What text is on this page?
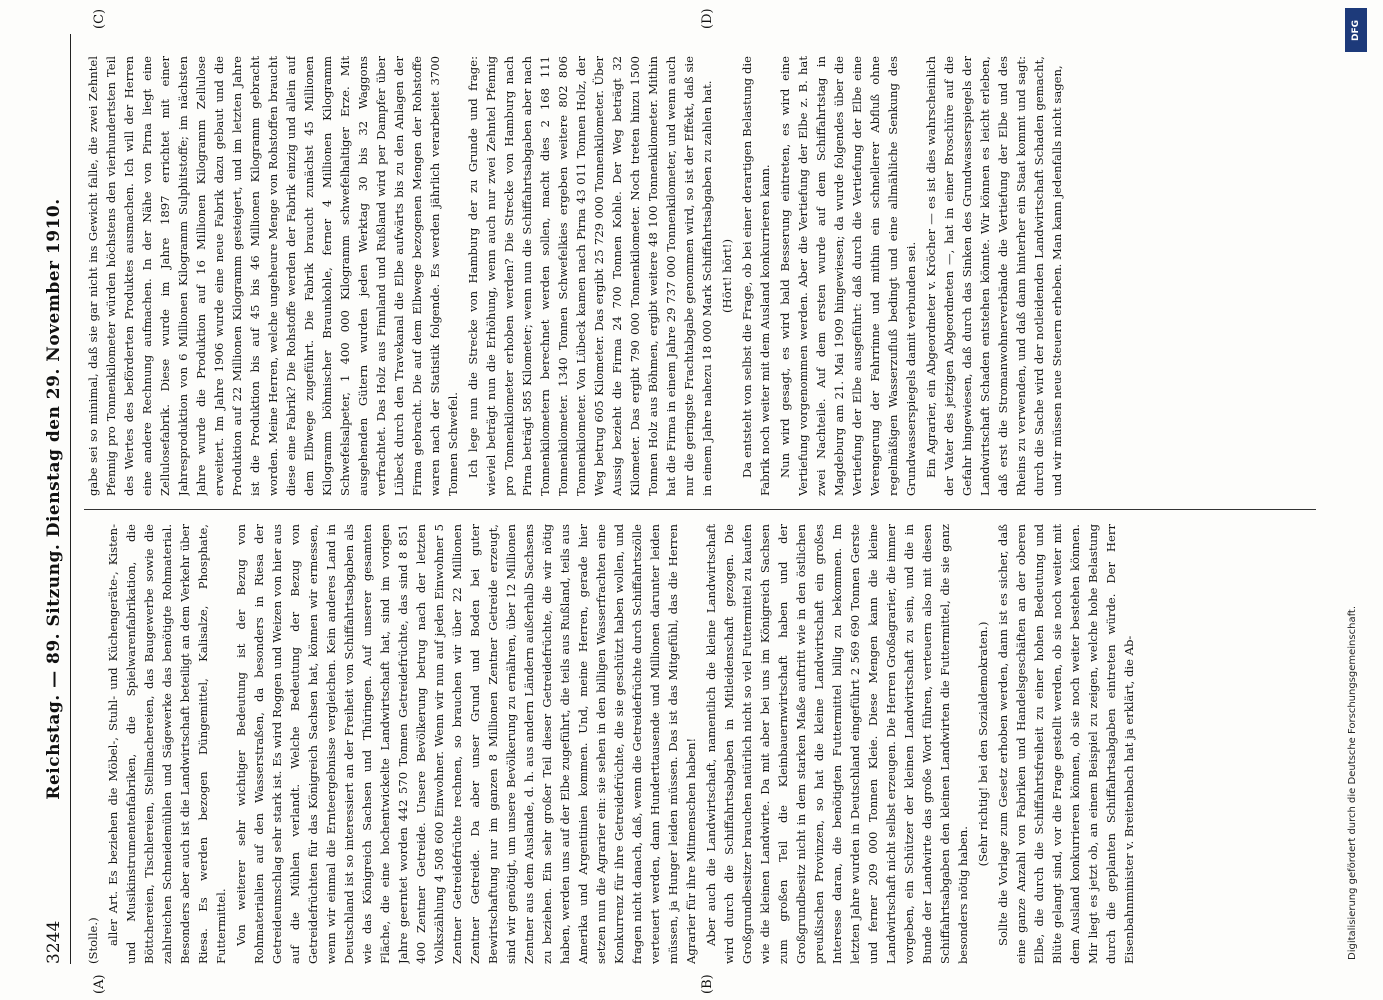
3244
Reichstag. — 89. Sitzung. Dienstag den 29. November 1910.
(A)	(B)
(C)	(D)

(Stolle.) aller Art. Es beziehen die Möbel-, Stuhl- und Küchengeräte-, Kisten- und Musikinstrumentenfabriken, die Spielwarenfabrikation, die Böttchereien, Tischlereien, Stellmachereien, das Baugewerbe sowie die zahlreichen Schneidemühlen und Sägewerke das benötigte Rohmaterial. Besonders aber auch ist die Landwirtschaft beteiligt an dem Verkehr über Riesa. Es werden bezogen Düngemittel, Kalisalze, Phosphate, Futtermittel. Von weiterer sehr wichtiger Bedeutung ist der Bezug von Rohmaterialien auf den Wasserstraßen, da besonders in Riesa der Getreideumschlag sehr stark ist. Es wird Roggen und Weizen von hier aus auf die Mühlen verlandt. Welche Bedeutung der Bezug von Getreidefrüchten für das Königreich Sachsen hat, können wir ermessen, wenn wir einmal die Ernteergebnisse vergleichen. Kein anderes Land in Deutschland ist so interessiert an der Freiheit von Schiffahrtsabgaben als wie das Königreich Sachsen und Thüringen. Auf unserer gesamten Fläche, die eine hochentwickelte Landwirtschaft hat, sind im vorigen Jahre geerntet worden 442 570 Tonnen Getreidefrüchte, das sind 8 851 400 Zentner Getreide. Unsere Bevölkerung betrug nach der letzten Volkszählung 4 508 600 Einwohner. Wenn wir nun auf jeden Einwohner 5 Zentner Getreidefrüchte rechnen, so brauchen wir über 22 Millionen Zentner Getreide. Da aber unser Grund und Boden bei guter Bewirtschaftung nur im ganzen 8 Millionen Zentner Getreide erzeugt, sind wir genötigt, um unsere Bevölkerung zu ernähren, über 12 Millionen Zentner aus dem Auslande, d. h. aus andern Ländern außerhalb Sachsens zu beziehen. Ein sehr großer Teil dieser Getreidefrüchte, die wir nötig haben, werden uns auf der Elbe zugeführt, die teils aus Rußland, teils aus Amerika und Argentinien kommen. Und, meine Herren, gerade hier setzen nun die Agrarier ein: sie sehen in den billigen Wasserfrachten eine Konkurrenz für ihre Getreidefrüchte, die sie geschützt haben wollen, und fragen nicht danach, daß, wenn die Getreidefrüchte durch Schiffahrtszölle verteuert werden, dann Hunderttausende und Millionen darunter leiden müssen, ja Hunger leiden müssen. Das ist das Mitgefühl, das die Herren Agrarier für ihre Mitmenschen haben! Aber auch die Landwirtschaft, namentlich die kleine Landwirtschaft wird durch die Schiffahrtsabgaben in Mitleidenschaft gezogen. Die Großgrundbesitzer brauchen natürlich nicht so viel Futtermittel zu kaufen wie die kleinen Landwirte. Da mit aber bei uns im Königreich Sachsen zum großen Teil die Kleinbauernwirtschaft haben und der Großgrundbesitz nicht in dem starken Maße auftritt wie in den östlichen preußischen Provinzen, so hat die kleine Landwirtschaft ein großes Interesse daran, die benötigten Futtermittel billig zu bekommen. Im letzten Jahre wurden in Deutschland eingeführt 2 569 690 Tonnen Gerste und ferner 209 000 Tonnen Kleie. Diese Mengen kann die kleine Landwirtschaft nicht selbst erzeugen. Die Herren Großagrarier, die immer vorgeben, ein Schützer der kleinen Landwirtschaft zu sein, und die in Bunde der Landwirte das große Wort führen, verteuern also mit diesen Schiffahrtsabgaben den kleinen Landwirten die Futtermittel, die sie ganz besonders nötig haben.

(Sehr richtig! bei den Sozialdemokraten.) Sollte die Vorlage zum Gesetz erhoben werden, dann ist es sicher, daß eine ganze Anzahl von Fabriken und Handelsgeschäften an der oberen Elbe, die durch die Schiffahrtsfreiheit zu einer hohen Bedeutung und Blüte gelangt sind, vor die Frage gestellt werden, ob sie noch weiter mit dem Ausland konkurrieren können, ob sie noch weiter bestehen können. Mir liegt es jetzt ob, an einem Beispiel zu zeigen, welche hohe Belastung durch die geplanten Schiffahrtsabgaben eintreten würde. Der Herr Eisenbahnminister v. Breitenbach hat ja erklärt, die Ab-

gabe sei so minimal, daß sie gar nicht ins Gewicht falle, die zwei Zehntel Pfennig pro Tonnenkilometer würden höchstens den vierhundertsten Teil des Wertes des beförderten Produktes ausmachen. Ich will der Herren eine andere Rechnung aufmachen. In der Nähe von Pirna liegt eine Zellulosefabrik. Diese wurde im Jahre 1897 errichtet mit einer Jahresproduktion von 6 Millionen Kilogramm Sulphitstoffe; im nächsten Jahre wurde die Produktion auf 16 Millionen Kilogramm Zellulose erweitert. Im Jahre 1906 wurde eine neue Fabrik dazu gebaut und die Produktion auf 22 Millionen Kilogramm gesteigert, und im letzten Jahre ist die Produktion bis auf 45 bis 46 Millionen Kilogramm gebracht worden. Meine Herren, welche ungeheure Menge von Rohstoffen braucht diese eine Fabrik? Die Rohstoffe werden der Fabrik einzig und allein auf dem Elbwege zugeführt. Die Fabrik braucht zunächst 45 Millionen Kilogramm böhmischer Braunkohle, ferner 4 Millionen Kilogramm Schwefelsalpeter, 1 400 000 Kilogramm schwefelhaltiger Erze. Mit ausgehenden Gütern wurden jeden Werktag 30 bis 32 Waggons verfrachtet. Das Holz aus Finnland und Rußland wird per Dampfer über Lübeck durch den Travekanal die Elbe aufwärts bis zu den Anlagen der Firma gebracht. Die auf dem Elbwege bezogenen Mengen der Rohstoffe waren nach der Statistik folgende. Es werden jährlich verarbeitet 3700 Tonnen Schwefel. Ich lege nun die Strecke von Hamburg der zu Grunde und frage: wieviel beträgt nun die Erhöhung, wenn auch nur zwei Zehntel Pfennig pro Tonnenkilometer erhoben werden? Die Strecke von Hamburg nach Pirna beträgt 585 Kilometer; wenn nun die Schiffahrtsabgaben aber nach Tonnenkilometern berechnet werden sollen, macht dies 2 168 111 Tonnenkilometer. 1340 Tonnen Schwefelkies ergeben weitere 802 806 Tonnenkilometer. Von Lübeck kamen nach Pirna 43 011 Tonnen Holz, der Weg betrug 605 Kilometer. Das ergibt 25 729 000 Tonnenkilometer. Über Aussig bezieht die Firma 24 700 Tonnen Kohle. Der Weg beträgt 32 Kilometer. Das ergibt 790 000 Tonnenkilometer. Noch treten hinzu 1500 Tonnen Holz aus Böhmen, ergibt weitere 48 100 Tonnenkilometer. Mithin hat die Firma in einem Jahre 29 737 000 Tonnenkilometer, und wenn auch nur die geringste Frachtabgabe genommen wird, so ist der Effekt, daß sie in einem Jahre nahezu 18 000 Mark Schiffahrtsabgaben zu zahlen hat. (Hört! hört!) Da entsteht von selbst die Frage, ob bei einer derartigen Belastung die Fabrik noch weiter mit dem Ausland konkurrieren kann. Nun wird gesagt, es wird bald Besserung eintreten, es wird eine Vertiefung vorgenommen werden. Aber die Vertiefung der Elbe z. B. hat zwei Nachteile. Auf dem ersten wurde auf dem Schiffahrtstag in Magdeburg am 21. Mai 1909 hingewiesen; da wurde folgendes über die Vertiefung der Elbe ausgeführt: daß durch die Vertiefung der Elbe eine Verengerung der Fahrrinne und mithin ein schnellerer Abfluß ohne regelmäßigen Wasserzufluß bedingt und eine allmähliche Senkung des Grundwasserspiegels damit verbunden sei. Ein Agrarier, ein Abgeordneter v. Kröcher — es ist dies wahrscheinlich der Vater des jetzigen Abgeordneten —, hat in einer Broschüre auf die Gefahr hingewiesen, daß durch das Sinken des Grundwasserspiegels der Landwirtschaft Schaden entstehen könnte. Wir können es leicht erleben, daß erst die Stromanwohnerverbände die Vertiefung der Elbe und des Rheins zu verwenden, und daß dann hinterher ein Staat kommt und sagt: durch die Sache wird der notleidenden Landwirtschaft Schaden gemacht, und wir müssen neue Steuern erheben. Man kann jedenfalls nicht sagen,

DFG
Digitalisierung gefördert durch die Deutsche Forschungsgemeinschaft.
